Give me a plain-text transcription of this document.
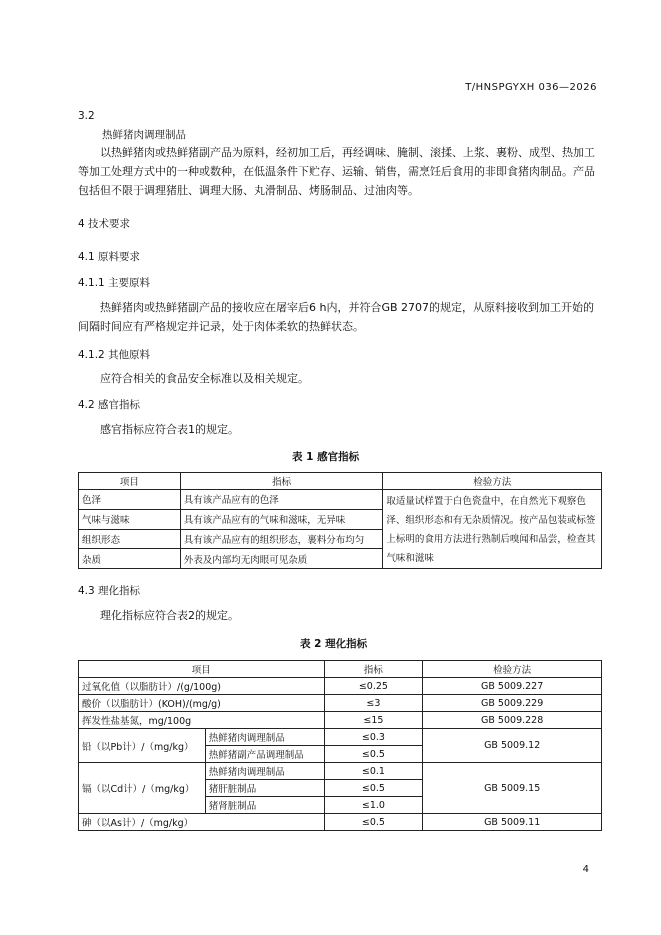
T/HNSPGYXH 036—2026
3.2
热鲜猪肉调理制品
以热鲜猪肉或热鲜猪副产品为原料，经初加工后，再经调味、腌制、滚揉、上浆、裹粉、成型、热加工等加工处理方式中的一种或数种，在低温条件下贮存、运输、销售，需烹饪后食用的非即食猪肉制品。产品包括但不限于调理猪肚、调理大肠、丸滑制品、烤肠制品、过油肉等。
4 技术要求
4.1 原料要求
4.1.1 主要原料
热鲜猪肉或热鲜猪副产品的接收应在屠宰后6 h内，并符合GB 2707的规定，从原料接收到加工开始的间隔时间应有严格规定并记录，处于肉体柔软的热鲜状态。
4.1.2 其他原料
应符合相关的食品安全标准以及相关规定。
4.2 感官指标
感官指标应符合表1的规定。
表 1 感官指标
项目	指标	检验方法
色泽	具有该产品应有的色泽	取适量试样置于白色瓷盘中，在自然光下观察色泽、组织形态和有无杂质情况。按产品包装或标签上标明的食用方法进行熟制后嗅闻和品尝，检查其气味和滋味
气味与滋味	具有该产品应有的气味和滋味，无异味	
组织形态	具有该产品应有的组织形态，裹料分布均匀	
杂质	外表及内部均无肉眼可见杂质	
4.3 理化指标
理化指标应符合表2的规定。
表 2 理化指标
项目		指标	检验方法
过氧化值（以脂肪计）/(g/100g)		≤0.25	GB 5009.227
酸价（以脂肪计）(KOH)/(mg/g)		≤3	GB 5009.229
挥发性盐基氮，mg/100g		≤15	GB 5009.228
铅（以Pb计）/（mg/kg）	热鲜猪肉调理制品	≤0.3	GB 5009.12
	热鲜猪副产品调理制品	≤0.5	
镉（以Cd计）/（mg/kg）	热鲜猪肉调理制品	≤0.1	GB 5009.15
	猪肝脏制品	≤0.5	
	猪肾脏制品	≤1.0	
砷（以As计）/（mg/kg）		≤0.5	GB 5009.11
4
